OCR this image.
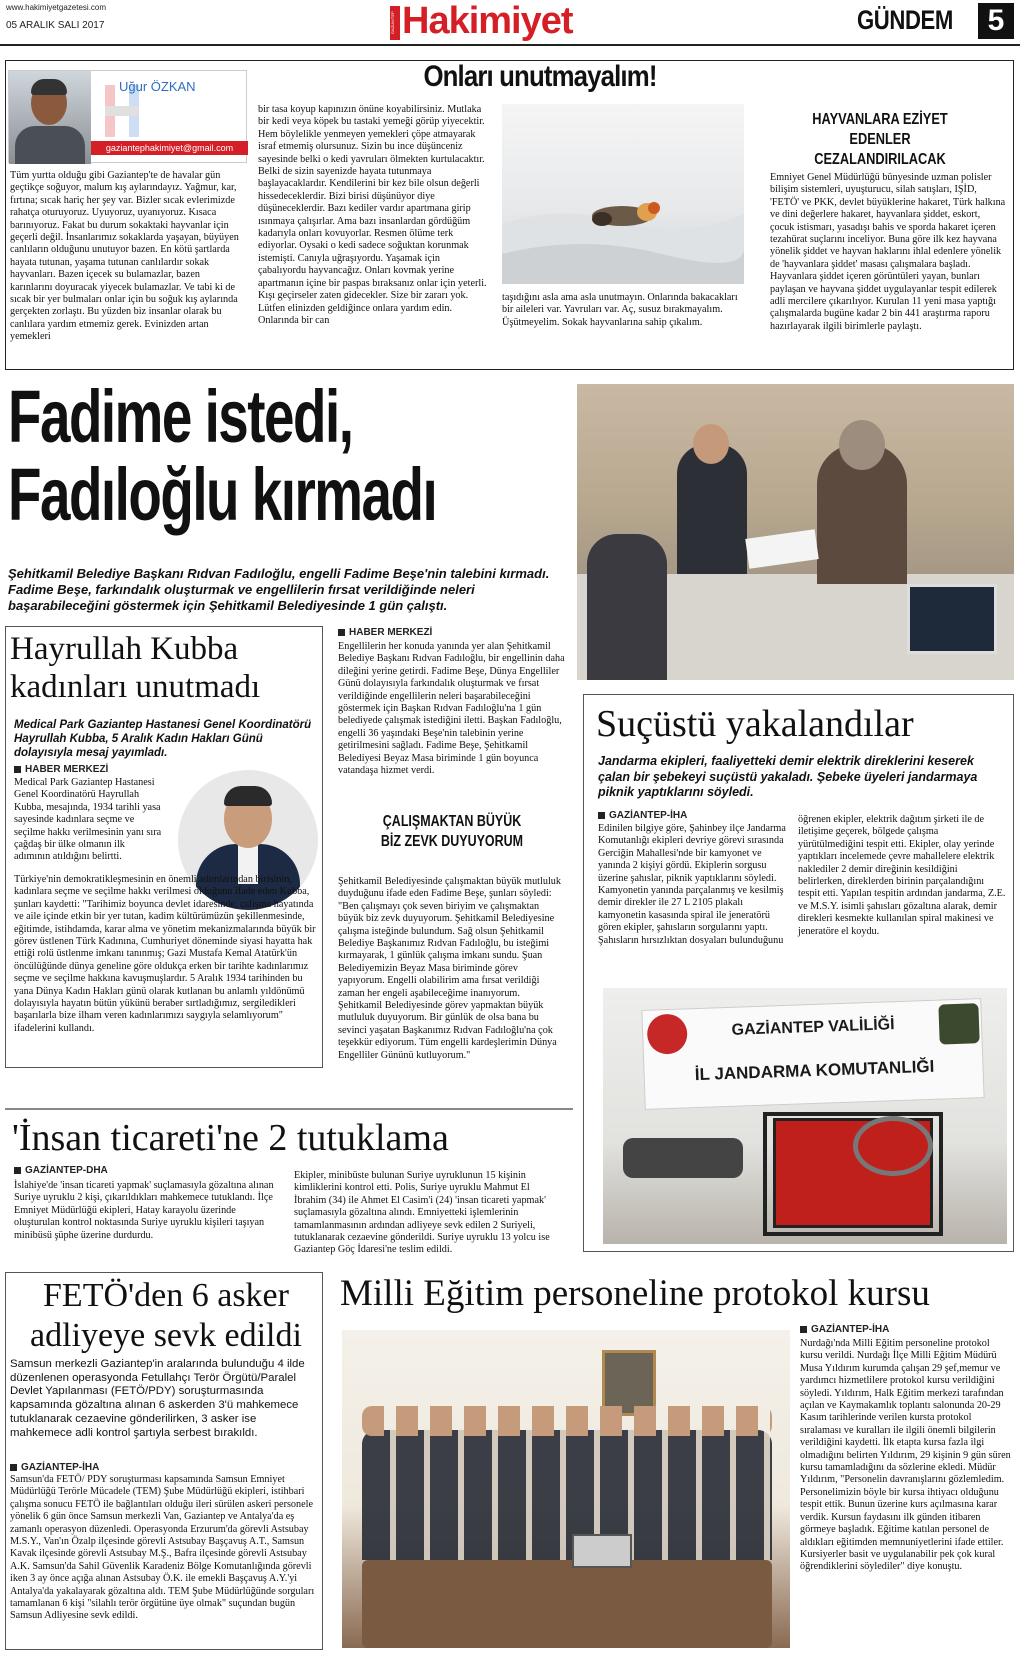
www.hakimiyetgazetesi.com
05 ARALIK SALI 2017	GAZİANTEP Hakimiyet	GÜNDEM	5
Uğur ÖZKAN
gaziantephakimiyet@gmail.com
Onları unutmayalım!
Tüm yurtta olduğu gibi Gaziantep'te de havalar gün geçtikçe soğuyor, malum kış aylarındayız. Yağmur, kar, fırtına; sıcak hariç her şey var. Bizler sıcak evlerimizde rahatça oturuyoruz. Uyuyoruz, uyanıyoruz. Kısaca barınıyoruz. Fakat bu durum sokaktaki hayvanlar için geçerli değil. İnsanlarımız sokaklarda yaşayan, büyüyen canlıların olduğunu unutuyor bazen. En kötü şartlarda hayata tutunan, yaşama tutunan canlılardır sokak hayvanları. Bazen içecek su bulamazlar, bazen karınlarını doyuracak yiyecek bulamazlar. Ve tabi ki de sıcak bir yer bulmaları onlar için bu soğuk kış aylarında gerçekten zorlaştı. Bu yüzden biz insanlar olarak bu canlılara yardım etmemiz gerek. Evinizden artan yemekleri
bir tasa koyup kapınızın önüne koyabilirsiniz. Mutlaka bir kedi veya köpek bu tastaki yemeği görüp yiyecektir. Hem böylelikle yenmeyen yemekleri çöpe atmayarak israf etmemiş olursunuz. Sizin bu ince düşünceniz sayesinde belki o kedi yavruları ölmekten kurtulacaktır. Belki de sizin sayenizde hayata tutunmaya başlayacaklardır. Kendilerini bir kez bile olsun değerli hissedeceklerdir. Bizi birisi düşünüyor diye düşüneceklerdir. Bazı kediler vardır apartmana girip ısınmaya çalışırlar. Ama bazı insanlardan gördüğüm kadarıyla onları kovuyorlar. Resmen ölüme terk ediyorlar. Oysaki o kedi sadece soğuktan korunmak istemişti. Canıyla uğraşıyordu. Yaşamak için çabalıyordu hayvancağız. Onları kovmak yerine apartmanın içine bir paspas bıraksanız onlar için yeterli. Kışı geçirseler zaten gidecekler. Size bir zararı yok. Lütfen elinizden geldiğince onlara yardım edin. Onlarında bir can
taşıdığını asla ama asla unutmayın. Onlarında bakacakları bir aileleri var. Yavruları var. Aç, susuz bırakmayalım. Üşütmeyelim. Sokak hayvanlarına sahip çıkalım.
HAYVANLARA EZİYET EDENLER
CEZALANDIRILACAK
Emniyet Genel Müdürlüğü bünyesinde uzman polisler bilişim sistemleri, uyuşturucu, silah satışları, IŞİD, 'FETÖ' ve PKK, devlet büyüklerine hakaret, Türk halkına ve dini değerlere hakaret, hayvanlara şiddet, eskort, çocuk istismarı, yasadışı bahis ve sporda hakaret içeren tezahürat suçlarını inceliyor. Buna göre ilk kez hayvana yönelik şiddet ve hayvan haklarını ihlal edenlere yönelik de 'hayvanlara şiddet' masası çalışmalara başladı. Hayvanlara şiddet içeren görüntüleri yayan, bunları paylaşan ve hayvana şiddet uygulayanlar tespit edilerek adli mercilere çıkarılıyor. Kurulan 11 yeni masa yaptığı çalışmalarda bugüne kadar 2 bin 441 araştırma raporu hazırlayarak ilgili birimlerle paylaştı.
Fadime istedi,
Fadıloğlu kırmadı
Şehitkamil Belediye Başkanı Rıdvan Fadıloğlu, engelli Fadime Beşe'nin talebini kırmadı. Fadime Beşe, farkındalık oluşturmak ve engellilerin fırsat verildiğinde neleri başarabileceğini göstermek için Şehitkamil Belediyesinde 1 gün çalıştı.
Hayrullah Kubba
kadınları unutmadı
Medical Park Gaziantep Hastanesi Genel Koordinatörü Hayrullah Kubba, 5 Aralık Kadın Hakları Günü dolayısıyla mesaj yayımladı.
HABER MERKEZİ
Medical Park Gaziantep Hastanesi Genel Koordinatörü Hayrullah Kubba, mesajında, 1934 tarihli yasa sayesinde kadınlara seçme ve seçilme hakkı verilmesinin yanı sıra çağdaş bir ülke olmanın ilk adımının atıldığını belirtti.
Türkiye'nin demokratikleşmesinin en önemli adımlarından birisinin, kadınlara seçme ve seçilme hakkı verilmesi olduğunu ifade eden Kubba, şunları kaydetti: "Tarihimiz boyunca devlet idaresinde, çalışma hayatında ve aile içinde etkin bir yer tutan, kadim kültürümüzün şekillenmesinde, eğitimde, istihdamda, karar alma ve yönetim mekanizmalarında büyük bir görev üstlenen Türk Kadınına, Cumhuriyet döneminde siyasi hayatta hak ettiği rolü üstlenme imkanı tanınmış; Gazi Mustafa Kemal Atatürk'ün öncülüğünde dünya geneline göre oldukça erken bir tarihte kadınlarımız seçme ve seçilme hakkına kavuşmuşlardır. 5 Aralık 1934 tarihinden bu yana Dünya Kadın Hakları günü olarak kutlanan bu anlamlı yıldönümü dolayısıyla hayatın bütün yükünü beraber sırtladığımız, sergiledikleri başarılarla bize ilham veren kadınlarımızı saygıyla selamlıyorum" ifadelerini kullandı.
HABER MERKEZİ
Engellilerin her konuda yanında yer alan Şehitkamil Belediye Başkanı Rıdvan Fadıloğlu, bir engellinin daha dileğini yerine getirdi. Fadime Beşe, Dünya Engelliler Günü dolayısıyla farkındalık oluşturmak ve fırsat verildiğinde engellilerin neleri başarabileceğini göstermek için Başkan Rıdvan Fadıloğlu'na 1 gün belediyede çalışmak istediğini iletti. Başkan Fadıloğlu, engelli 36 yaşındaki Beşe'nin talebinin yerine getirilmesini sağladı. Fadime Beşe, Şehitkamil Belediyesi Beyaz Masa biriminde 1 gün boyunca vatandaşa hizmet verdi.
ÇALIŞMAKTAN BÜYÜK
BİZ ZEVK DUYUYORUM
Şehitkamil Belediyesinde çalışmaktan büyük mutluluk duyduğunu ifade eden Fadime Beşe, şunları söyledi: "Ben çalışmayı çok seven biriyim ve çalışmaktan büyük biz zevk duyuyorum. Şehitkamil Belediyesine çalışma isteğinde bulundum. Sağ olsun Şehitkamil Belediye Başkanımız Rıdvan Fadıloğlu, bu isteğimi kırmayarak, 1 günlük çalışma imkanı sundu. Şuan Belediyemizin Beyaz Masa biriminde görev yapıyorum. Engelli olabilirim ama fırsat verildiği zaman her engeli aşabileceğime inanıyorum. Şehitkamil Belediyesinde görev yapmaktan büyük mutluluk duyuyorum. Bir günlük de olsa bana bu sevinci yaşatan Başkanımız Rıdvan Fadıloğlu'na çok teşekkür ediyorum. Tüm engelli kardeşlerimin Dünya Engelliler Gününü kutluyorum."
Suçüstü yakalandılar
Jandarma ekipleri, faaliyetteki demir elektrik direklerini keserek çalan bir şebekeyi suçüstü yakaladı. Şebeke üyeleri jandarmaya piknik yaptıklarını söyledi.
GAZİANTEP-İHA
Edinilen bilgiye göre, Şahinbey ilçe Jandarma Komutanlığı ekipleri devriye görevi sırasında Gerciğin Mahallesi'nde bir kamyonet ve yanında 2 kişiyi gördü. Ekiplerin sorgusu üzerine şahıslar, piknik yaptıklarını söyledi. Kamyonetin yanında parçalanmış ve kesilmiş demir direkler ile 27 L 2105 plakalı kamyonetin kasasında spiral ile jeneratörü gören ekipler, şahısların sorgularını yaptı. Şahısların hırsızlıktan dosyaları bulunduğunu
öğrenen ekipler, elektrik dağıtım şirketi ile de iletişime geçerek, bölgede çalışma yürütülmediğini tespit etti. Ekipler, olay yerinde yaptıkları incelemede çevre mahallelere elektrik naklediler 2 demir direğinin kesildiğini belirlerken, direklerden birinin parçalandığını tespit etti. Yapılan tespitin ardından jandarma, Z.E. ve M.S.Y. isimli şahısları gözaltına alarak, demir direkleri kesmekte kullanılan spiral makinesi ve jeneratöre el koydu.
GAZİANTEP VALİLİĞİ
İL JANDARMA KOMUTANLIĞI
'İnsan ticareti'ne 2 tutuklama
GAZİANTEP-DHA
İslahiye'de 'insan ticareti yapmak' suçlamasıyla gözaltına alınan Suriye uyruklu 2 kişi, çıkarıldıkları mahkemece tutuklandı. İlçe Emniyet Müdürlüğü ekipleri, Hatay karayolu üzerinde oluşturulan kontrol noktasında Suriye uyruklu kişileri taşıyan minibüsü şüphe üzerine durdurdu.
Ekipler, minibüste bulunan Suriye uyruklunun 15 kişinin kimliklerini kontrol etti. Polis, Suriye uyruklu Mahmut El İbrahim (34) ile Ahmet El Casim'i (24) 'insan ticareti yapmak' suçlamasıyla gözaltına alındı. Emniyetteki işlemlerinin tamamlanmasının ardından adliyeye sevk edilen 2 Suriyeli, tutuklanarak cezaevine gönderildi. Suriye uyruklu 13 yolcu ise Gaziantep Göç İdaresi'ne teslim edildi.
FETÖ'den 6 asker
adliyeye sevk edildi
Samsun merkezli Gaziantep'in aralarında bulunduğu 4 ilde düzenlenen operasyonda Fetullahçı Terör Örgütü/Paralel Devlet Yapılanması (FETÖ/PDY) soruşturmasında kapsamında gözaltına alınan 6 askerden 3'ü mahkemece tutuklanarak cezaevine gönderilirken, 3 asker ise mahkemece adli kontrol şartıyla serbest bırakıldı.
GAZİANTEP-İHA
Samsun'da FETÖ/ PDY soruşturması kapsamında Samsun Emniyet Müdürlüğü Terörle Mücadele (TEM) Şube Müdürlüğü ekipleri, istihbari çalışma sonucu FETÖ ile bağlantıları olduğu ileri sürülen askeri personele yönelik 6 gün önce Samsun merkezli Van, Gaziantep ve Antalya'da eş zamanlı operasyon düzenledi. Operasyonda Erzurum'da görevli Astsubay M.S.Y., Van'ın Özalp ilçesinde görevli Astsubay Başçavuş A.T., Samsun Kavak ilçesinde görevli Astsubay M.Ş., Bafra ilçesinde görevli Astsubay A.K. Samsun'da Sahil Güvenlik Karadeniz Bölge Komutanlığında görevli iken 3 ay önce açığa alınan Astsubay Ö.K. ile emekli Başçavuş A.Y.'yi Antalya'da yakalayarak gözaltına aldı. TEM Şube Müdürlüğünde sorguları tamamlanan 6 kişi "silahlı terör örgütüne üye olmak" suçundan bugün Samsun Adliyesine sevk edildi.
Milli Eğitim personeline protokol kursu
GAZİANTEP-İHA
Nurdağı'nda Milli Eğitim personeline protokol kursu verildi. Nurdağı İlçe Milli Eğitim Müdürü Musa Yıldırım kurumda çalışan 29 şef,memur ve yardımcı hizmetlilere protokol kursu verildiğini söyledi. Yıldırım, Halk Eğitim merkezi tarafından açılan ve Kaymakamlık toplantı salonunda 20-29 Kasım tarihlerinde verilen kursta protokol sıralaması ve kuralları ile ilgili önemli bilgilerin verildiğini kaydetti. İlk etapta kursa fazla ilgi olmadığını belirten Yıldırım, 29 kişinin 9 gün süren kursu tamamladığını da sözlerine ekledi. Müdür Yıldırım, "Personelin davranışlarını gözlemledim. Personelimizin böyle bir kursa ihtiyacı olduğunu tespit ettik. Bunun üzerine kurs açılmasına karar verdik. Kursun faydasını ilk günden itibaren görmeye başladık. Eğitime katılan personel de aldıkları eğitimden memnuniyetlerini ifade ettiler. Kursiyerler basit ve uygulanabilir pek çok kural öğrendiklerini söylediler" diye konuştu.
